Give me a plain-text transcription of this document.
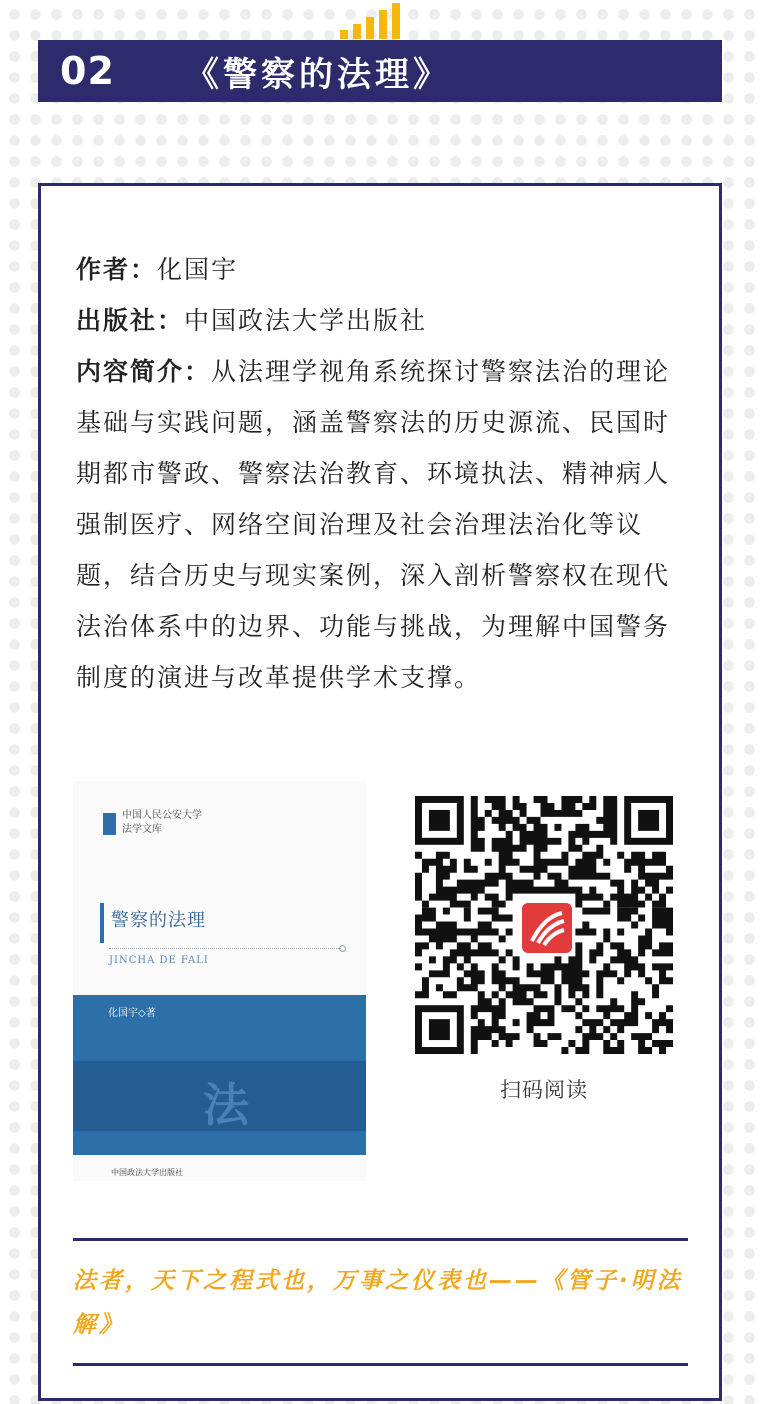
02	《警察的法理》

作者：化国宇

出版社：中国政法大学出版社

内容简介：从法理学视角系统探讨警察法治的理论基础与实践问题，涵盖警察法的历史源流、民国时期都市警政、警察法治教育、环境执法、精神病人强制医疗、网络空间治理及社会治理法治化等议题，结合历史与现实案例，深入剖析警察权在现代法治体系中的边界、功能与挑战，为理解中国警务制度的演进与改革提供学术支撑。

中国人民公安大学
法学文库
警察的法理
JINCHA DE FALI
化国宇◇著
法
中国政法大学出版社
扫码阅读
法者，天下之程式也，万事之仪表也——《管子·明法解》
